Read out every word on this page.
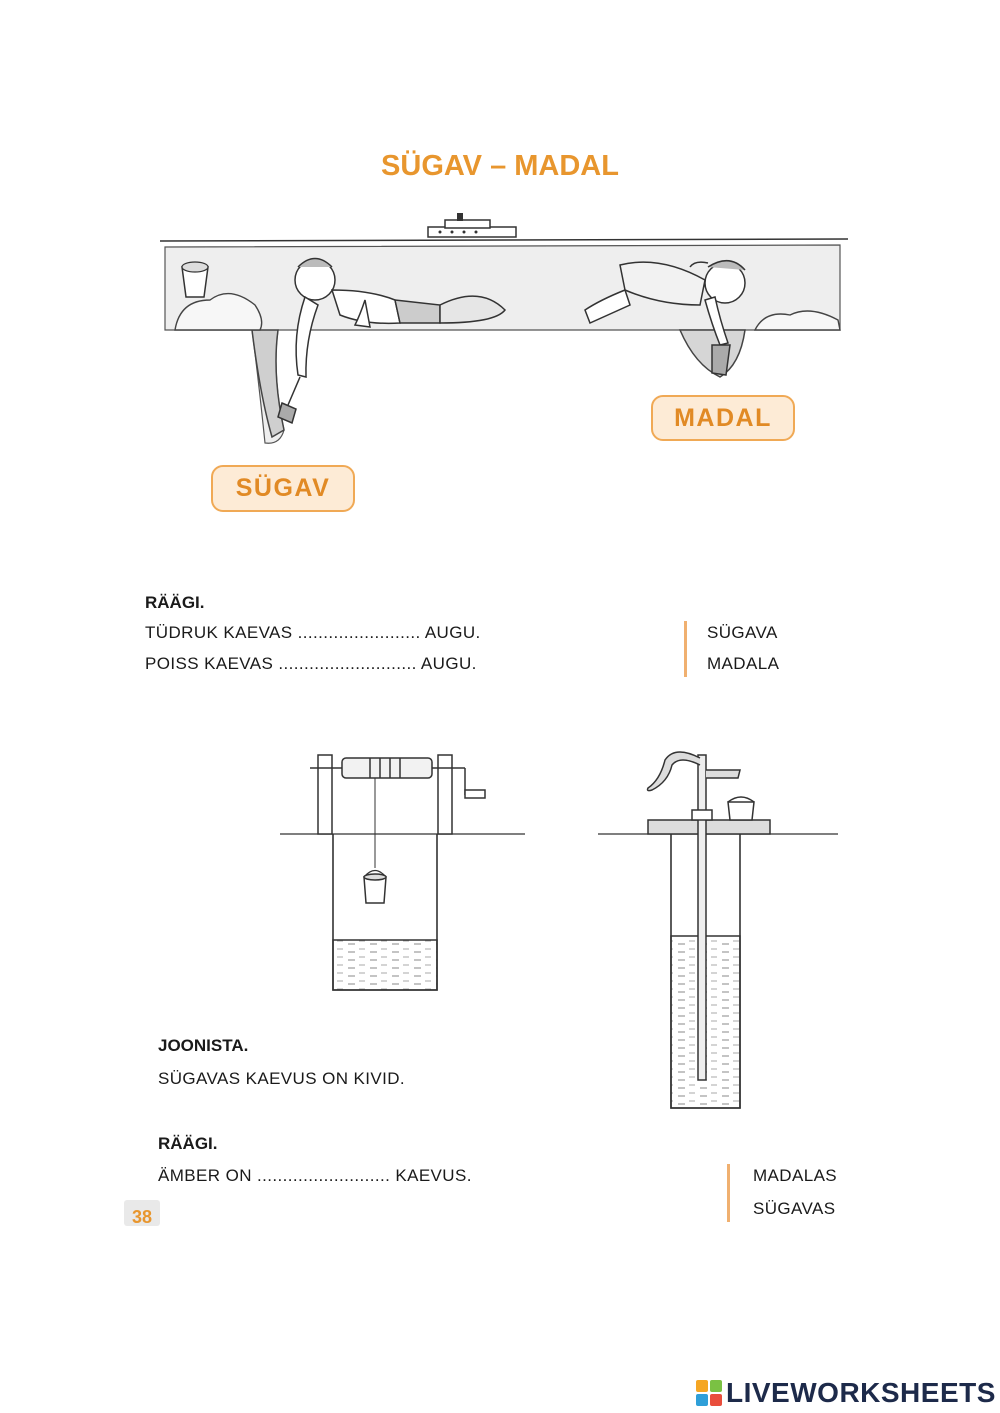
SÜGAV – MADAL
MADAL
SÜGAV
RÄÄGI.
TÜDRUK KAEVAS ........................ AUGU.
POISS KAEVAS ........................... AUGU.
SÜGAVA
MADALA
JOONISTA.
SÜGAVAS KAEVUS ON KIVID.
RÄÄGI.
ÄMBER ON .......................... KAEVUS.	MADALAS
SÜGAVAS
38
LIVEWORKSHEETS
